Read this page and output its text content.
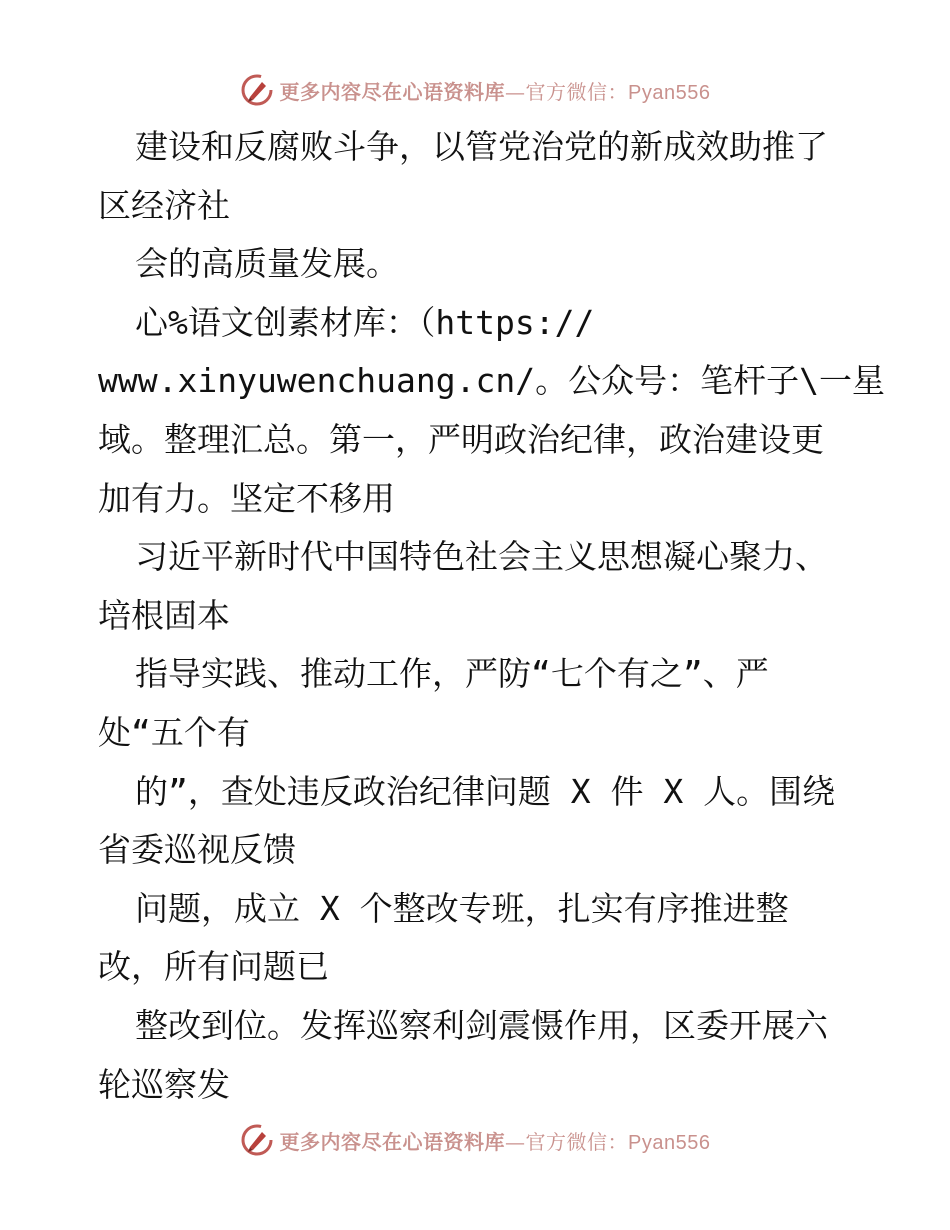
更多内容尽在心语资料库—官方微信：Pyan556
建设和反腐败斗争，以管党治党的新成效助推了
区经济社
会的高质量发展。
心%语文创素材库：（https://
www.xinyuwenchuang.cn/。公众号：笔杆子\一星
域。整理汇总。第一，严明政治纪律，政治建设更
加有力。坚定不移用
习近平新时代中国特色社会主义思想凝心聚力、
培根固本
指导实践、推动工作，严防“七个有之”、严
处“五个有
的”，查处违反政治纪律问题 X 件 X 人。围绕
省委巡视反馈
问题，成立 X 个整改专班，扎实有序推进整
改，所有问题已
整改到位。发挥巡察利剑震慑作用，区委开展六
轮巡察发
更多内容尽在心语资料库—官方微信：Pyan556
